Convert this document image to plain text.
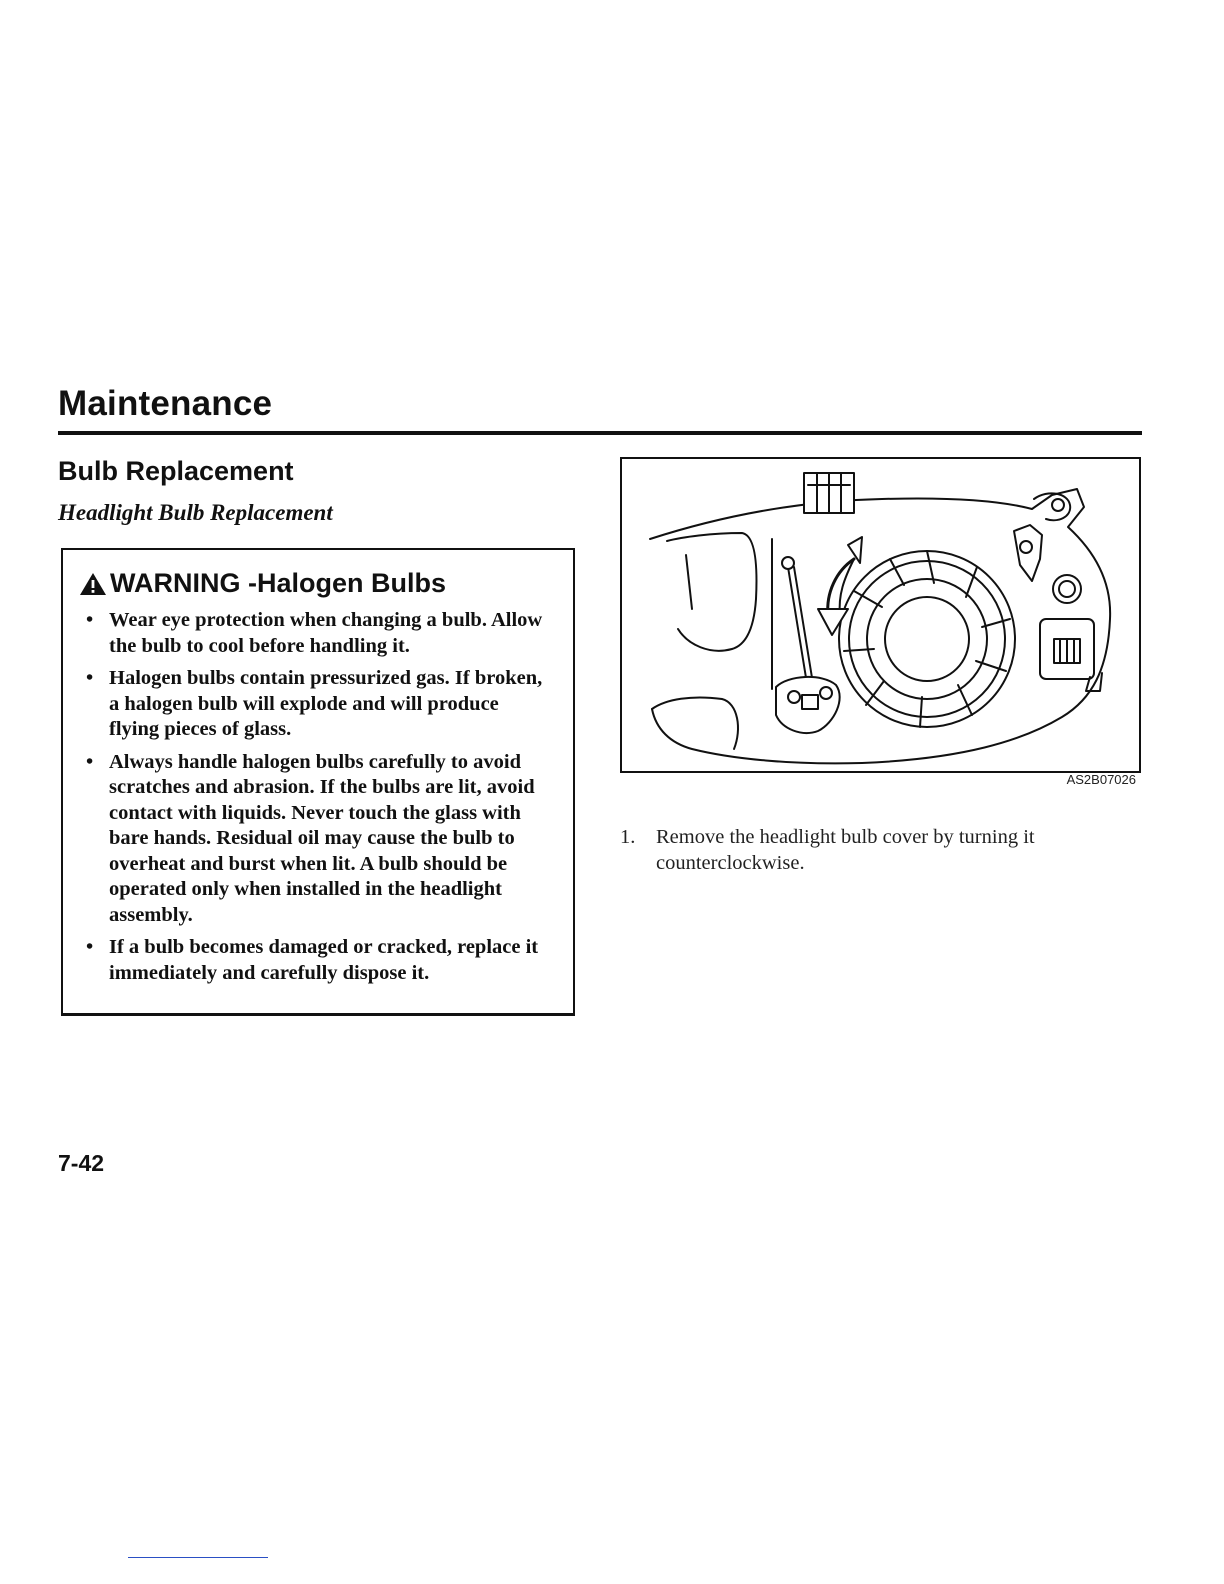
Maintenance
Bulb Replacement
Headlight Bulb Replacement
WARNING -Halogen Bulbs
• Wear eye protection when changing a bulb. Allow the bulb to cool before handling it.
• Halogen bulbs contain pressurized gas. If broken, a halogen bulb will explode and will produce flying pieces of glass.
• Always handle halogen bulbs carefully to avoid scratches and abrasion. If the bulbs are lit, avoid contact with liquids. Never touch the glass with bare hands. Residual oil may cause the bulb to overheat and burst when lit. A bulb should be operated only when installed in the headlight assembly.
• If a bulb becomes damaged or cracked, replace it immediately and carefully dispose it.
AS2B07026
1.	Remove the headlight bulb cover by turning it counterclockwise.
7-42
